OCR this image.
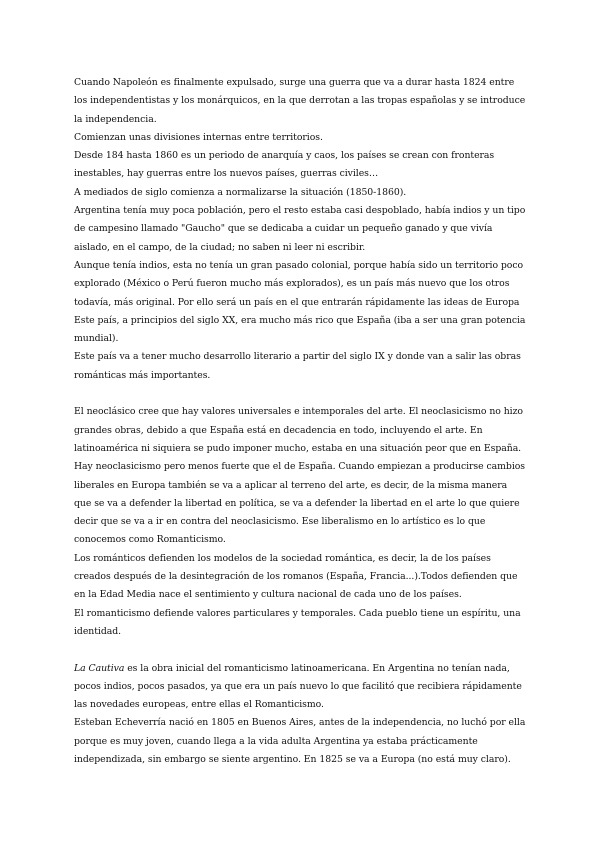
Cuando Napoleón es finalmente expulsado, surge una guerra que va a durar hasta 1824 entre los independentistas y los monárquicos, en la que derrotan a las tropas españolas y se introduce la independencia.

Comienzan unas divisiones internas entre territorios.

Desde 184 hasta 1860 es un periodo de anarquía y caos, los países se crean con fronteras inestables, hay guerras entre los nuevos países, guerras civiles…

A mediados de siglo comienza a normalizarse la situación (1850-1860).

Argentina tenía muy poca población, pero el resto estaba casi despoblado, había indios y un tipo de campesino llamado "Gaucho" que se dedicaba a cuidar un pequeño ganado y que vivía aislado, en el campo, de la ciudad; no saben ni leer ni escribir.

Aunque tenía indios, esta no tenía un gran pasado colonial, porque había sido un territorio poco explorado (México o Perú fueron mucho más explorados), es un país más nuevo que los otros todavía, más original. Por ello será un país en el que entrarán rápidamente las ideas de Europa Este país, a principios del siglo XX, era mucho más rico que España (iba a ser una gran potencia mundial).

Este país va a tener mucho desarrollo literario a partir del siglo IX y donde van a salir las obras románticas más importantes.

El neoclásico cree que hay valores universales e intemporales del arte. El neoclasicismo no hizo grandes obras, debido a que España está en decadencia en todo, incluyendo el arte. En latinoamérica ni siquiera se pudo imponer mucho, estaba en una situación peor que en España. Hay neoclasicismo pero menos fuerte que el de España. Cuando empiezan a producirse cambios liberales en Europa también se va a aplicar al terreno del arte, es decir, de la misma manera que se va a defender la libertad en política, se va a defender la libertad en el arte lo que quiere decir que se va a ir en contra del neoclasicismo. Ese liberalismo en lo artístico es lo que conocemos como Romanticismo.

Los románticos defienden los modelos de la sociedad romántica, es decir, la de los países creados después de la desintegración de los romanos (España, Francia...).Todos defienden que en la Edad Media nace el sentimiento y cultura nacional de cada uno de los países.

El romanticismo defiende valores particulares y temporales. Cada pueblo tiene un espíritu, una identidad.

La Cautiva es la obra inicial del romanticismo latinoamericana. En Argentina no tenían nada, pocos indios, pocos pasados, ya que era un país nuevo lo que facilitó que recibiera rápidamente las novedades europeas, entre ellas el Romanticismo.

Esteban Echeverría nació en 1805 en Buenos Aires, antes de la independencia, no luchó por ella porque es muy joven, cuando llega a la vida adulta Argentina ya estaba prácticamente independizada, sin embargo se siente argentino. En 1825 se va a Europa (no está muy claro).
